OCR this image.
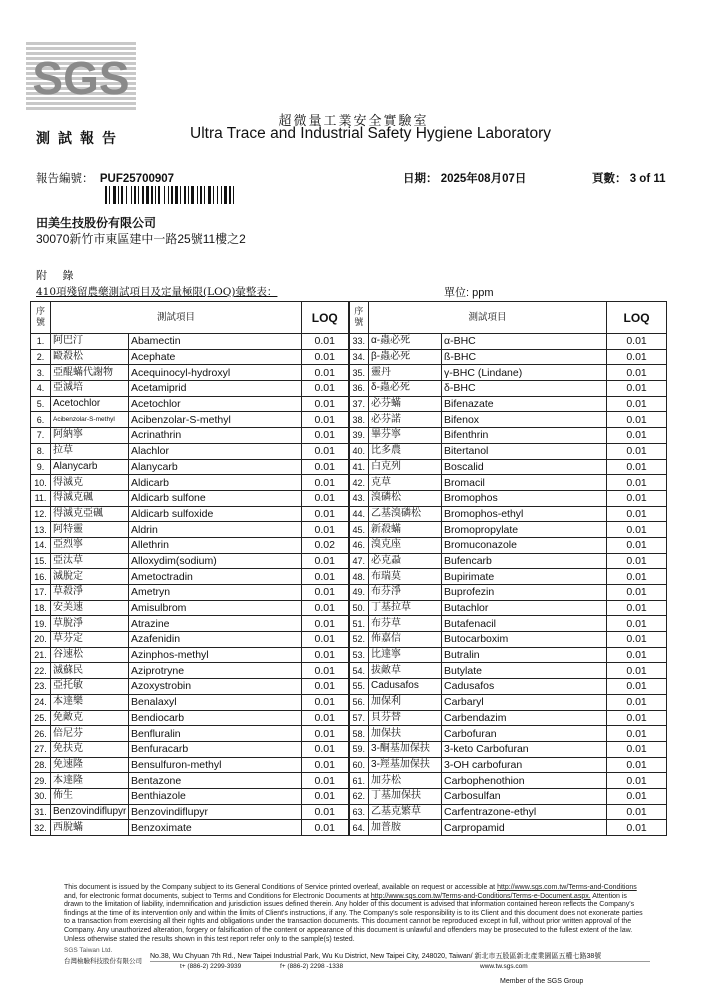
SGS
超微量工業安全實驗室
測試報告	Ultra Trace and Industrial Safety Hygiene Laboratory
報告編號： PUF25700907	日期： 2025年08月07日	頁數： 3 of 11
田美生技股份有限公司
30070新竹市東區建中一路25號11樓之2
附 錄
410項殘留農藥測試項目及定量極限(LOQ)彙整表：	單位: ppm
序號	測試項目		LOQ	序號	測試項目		LOQ
1.	阿巴汀	Abamectin	0.01	33.	α-蟲必死	α-BHC	0.01
2.	毆殺松	Acephate	0.01	34.	β-蟲必死	ß-BHC	0.01
3.	亞醌蟎代謝物	Acequinocyl-hydroxyl	0.01	35.	靈丹	γ-BHC (Lindane)	0.01
4.	亞滅培	Acetamiprid	0.01	36.	δ-蟲必死	δ-BHC	0.01
5.	Acetochlor	Acetochlor	0.01	37.	必芬蟎	Bifenazate	0.01
6.	Acibenzolar-S-methyl	Acibenzolar-S-methyl	0.01	38.	必芬諾	Bifenox	0.01
7.	阿納寧	Acrinathrin	0.01	39.	畢芬寧	Bifenthrin	0.01
8.	拉草	Alachlor	0.01	40.	比多農	Bitertanol	0.01
9.	Alanycarb	Alanycarb	0.01	41.	白克列	Boscalid	0.01
10.	得滅克	Aldicarb	0.01	42.	克草	Bromacil	0.01
11.	得滅克碸	Aldicarb sulfone	0.01	43.	溴磷松	Bromophos	0.01
12.	得滅克亞碸	Aldicarb sulfoxide	0.01	44.	乙基溴磷松	Bromophos-ethyl	0.01
13.	阿特靈	Aldrin	0.01	45.	新殺蟎	Bromopropylate	0.01
14.	亞烈寧	Allethrin	0.02	46.	溴克座	Bromuconazole	0.01
15.	亞汰草	Alloxydim(sodium)	0.01	47.	必克蝨	Bufencarb	0.01
16.	滅脫定	Ametoctradin	0.01	48.	布瑞莫	Bupirimate	0.01
17.	草殺淨	Ametryn	0.01	49.	布芬淨	Buprofezin	0.01
18.	安美速	Amisulbrom	0.01	50.	丁基拉草	Butachlor	0.01
19.	草脫淨	Atrazine	0.01	51.	布芬草	Butafenacil	0.01
20.	草芬定	Azafenidin	0.01	52.	佈嘉信	Butocarboxim	0.01
21.	谷速松	Azinphos-methyl	0.01	53.	比達寧	Butralin	0.01
22.	滅蘇民	Aziprotryne	0.01	54.	拔敵草	Butylate	0.01
23.	亞托敏	Azoxystrobin	0.01	55.	Cadusafos	Cadusafos	0.01
24.	本達樂	Benalaxyl	0.01	56.	加保利	Carbaryl	0.01
25.	免敵克	Bendiocarb	0.01	57.	貝芬替	Carbendazim	0.01
26.	倍尼芬	Benfluralin	0.01	58.	加保扶	Carbofuran	0.01
27.	免扶克	Benfuracarb	0.01	59.	3-酮基加保扶	3-keto Carbofuran	0.01
28.	免速隆	Bensulfuron-methyl	0.01	60.	3-羥基加保扶	3-OH carbofuran	0.01
29.	本達隆	Bentazone	0.01	61.	加芬松	Carbophenothion	0.01
30.	佈生	Benthiazole	0.01	62.	丁基加保扶	Carbosulfan	0.01
31.	Benzovindiflupyr	Benzovindiflupyr	0.01	63.	乙基克繁草	Carfentrazone-ethyl	0.01
32.	西脫蟎	Benzoximate	0.01	64.	加普胺	Carpropamid	0.01
This document is issued by the Company subject to its General Conditions of Service printed overleaf, available on request or accessible at http://www.sgs.com.tw/Terms-and-Conditions and, for electronic format documents, subject to Terms and Conditions for Electronic Documents at http://www.sgs.com.tw/Terms-and-Conditions/Terms-e-Document.aspx. Attention is drawn to the limitation of liability, indemnification and jurisdiction issues defined therein. Any holder of this document is advised that information contained hereon reflects the Company's findings at the time of its intervention only and within the limits of Client's instructions, if any. The Company's sole responsibility is to its Client and this document does not exonerate parties to a transaction from exercising all their rights and obligations under the transaction documents. This document cannot be reproduced except in full, without prior written approval of the Company. Any unauthorized alteration, forgery or falsification of the content or appearance of this document is unlawful and offenders may be prosecuted to the fullest extent of the law. Unless otherwise stated the results shown in this test report refer only to the sample(s) tested.
SGS Taiwan Ltd.
台灣檢驗科技股份有限公司
No.38, Wu Chyuan 7th Rd., New Taipei Industrial Park, Wu Ku District, New Taipei City, 248020, Taiwan/ 新北市五股區新北產業園區五權七路38號
t+ (886-2) 2299-3939	f+ (886-2) 2298 -1338	www.tw.sgs.com
Member of the SGS Group
